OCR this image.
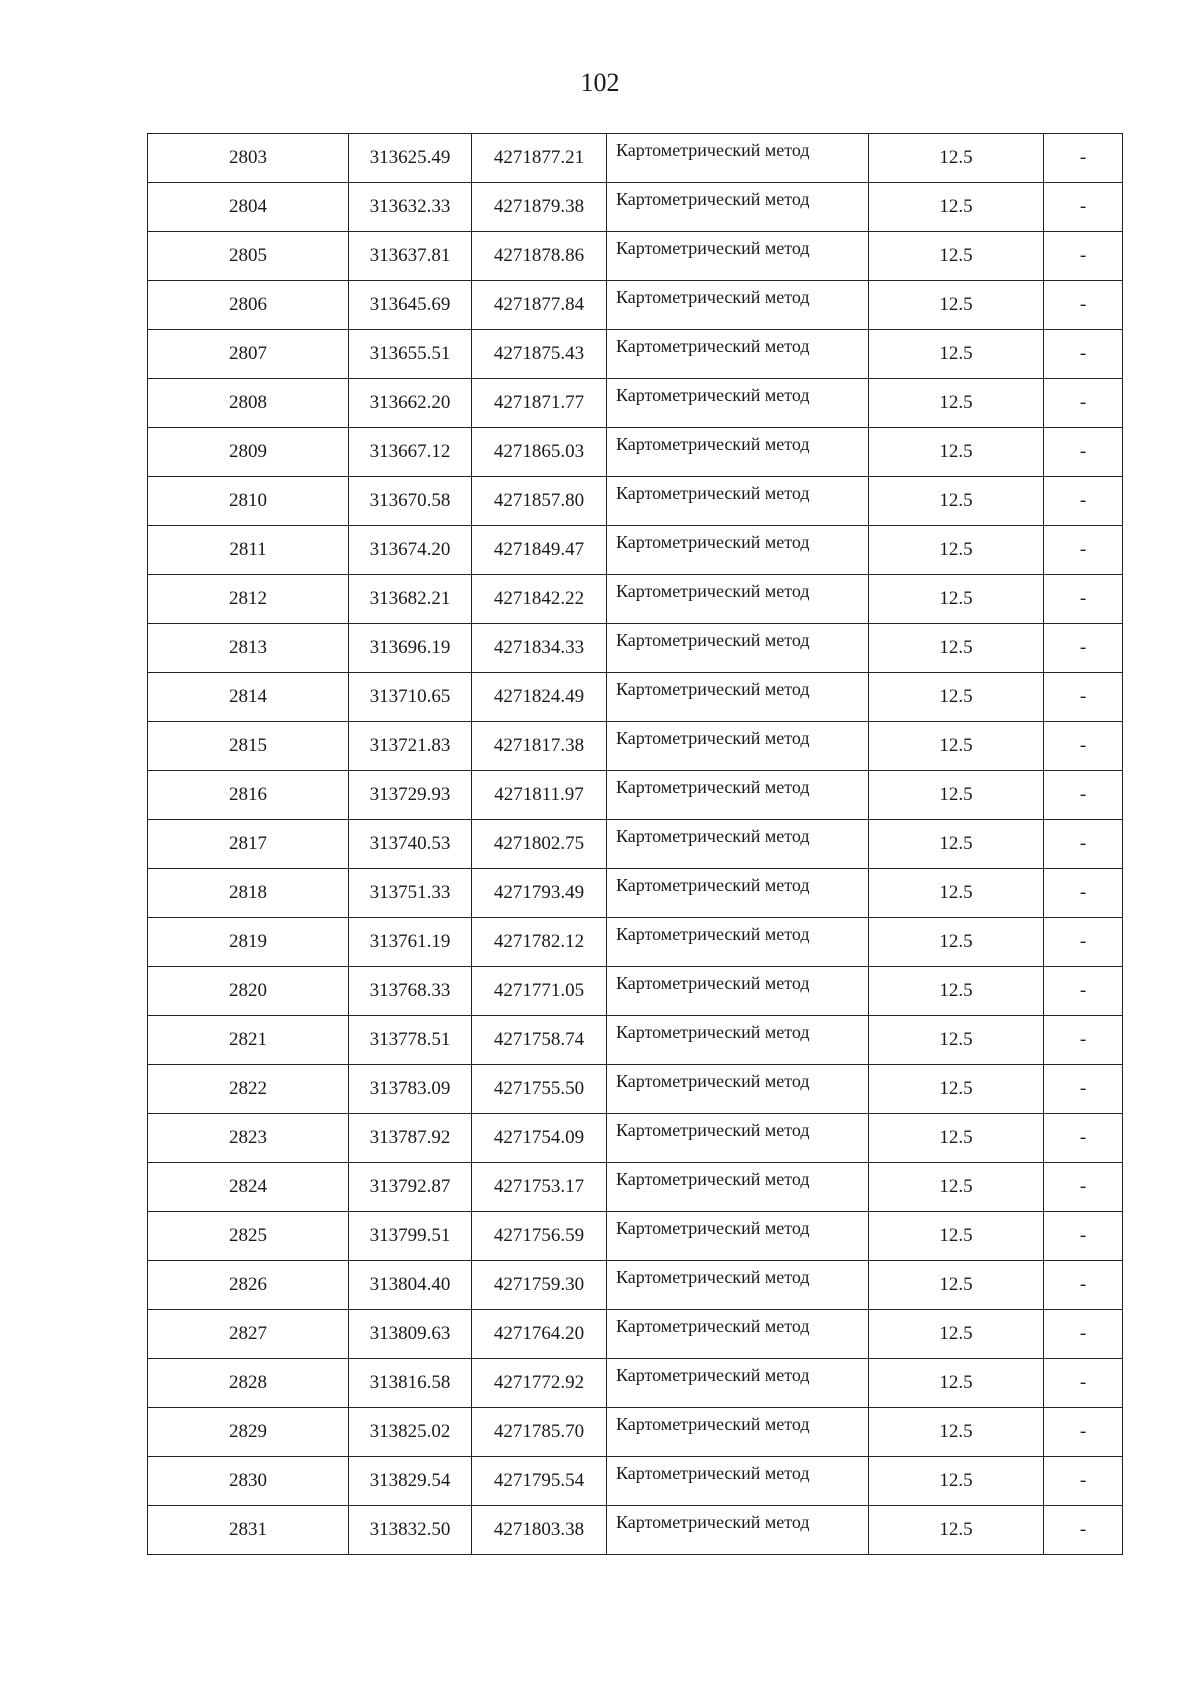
102
2803	313625.49	4271877.21	Картометрический метод	12.5	-
2804	313632.33	4271879.38	Картометрический метод	12.5	-
2805	313637.81	4271878.86	Картометрический метод	12.5	-
2806	313645.69	4271877.84	Картометрический метод	12.5	-
2807	313655.51	4271875.43	Картометрический метод	12.5	-
2808	313662.20	4271871.77	Картометрический метод	12.5	-
2809	313667.12	4271865.03	Картометрический метод	12.5	-
2810	313670.58	4271857.80	Картометрический метод	12.5	-
2811	313674.20	4271849.47	Картометрический метод	12.5	-
2812	313682.21	4271842.22	Картометрический метод	12.5	-
2813	313696.19	4271834.33	Картометрический метод	12.5	-
2814	313710.65	4271824.49	Картометрический метод	12.5	-
2815	313721.83	4271817.38	Картометрический метод	12.5	-
2816	313729.93	4271811.97	Картометрический метод	12.5	-
2817	313740.53	4271802.75	Картометрический метод	12.5	-
2818	313751.33	4271793.49	Картометрический метод	12.5	-
2819	313761.19	4271782.12	Картометрический метод	12.5	-
2820	313768.33	4271771.05	Картометрический метод	12.5	-
2821	313778.51	4271758.74	Картометрический метод	12.5	-
2822	313783.09	4271755.50	Картометрический метод	12.5	-
2823	313787.92	4271754.09	Картометрический метод	12.5	-
2824	313792.87	4271753.17	Картометрический метод	12.5	-
2825	313799.51	4271756.59	Картометрический метод	12.5	-
2826	313804.40	4271759.30	Картометрический метод	12.5	-
2827	313809.63	4271764.20	Картометрический метод	12.5	-
2828	313816.58	4271772.92	Картометрический метод	12.5	-
2829	313825.02	4271785.70	Картометрический метод	12.5	-
2830	313829.54	4271795.54	Картометрический метод	12.5	-
2831	313832.50	4271803.38	Картометрический метод	12.5	-
